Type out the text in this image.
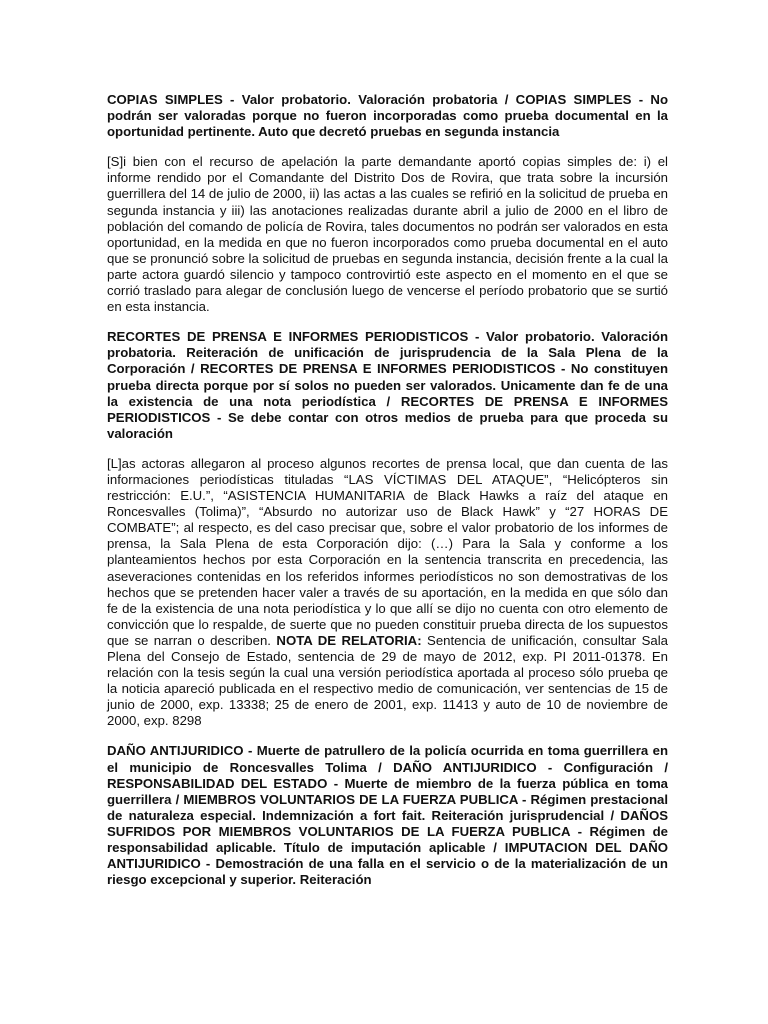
COPIAS SIMPLES - Valor probatorio. Valoración probatoria / COPIAS SIMPLES - No podrán ser valoradas porque no fueron incorporadas como prueba documental en la oportunidad pertinente. Auto que decretó pruebas en segunda instancia

[S]i bien con el recurso de apelación la parte demandante aportó copias simples de: i) el informe rendido por el Comandante del Distrito Dos de Rovira, que trata sobre la incursión guerrillera del 14 de julio de 2000, ii) las actas a las cuales se refirió en la solicitud de prueba en segunda instancia y iii) las anotaciones realizadas durante abril a julio de 2000 en el libro de población del comando de policía de Rovira, tales documentos no podrán ser valorados en esta oportunidad, en la medida en que no fueron incorporados como prueba documental en el auto que se pronunció sobre la solicitud de pruebas en segunda instancia, decisión frente a la cual la parte actora guardó silencio y tampoco controvirtió este aspecto en el momento en el que se corrió traslado para alegar de conclusión luego de vencerse el período probatorio que se surtió en esta instancia.

RECORTES DE PRENSA E INFORMES PERIODISTICOS - Valor probatorio. Valoración probatoria. Reiteración de unificación de jurisprudencia de la Sala Plena de la Corporación / RECORTES DE PRENSA E INFORMES PERIODISTICOS - No constituyen prueba directa porque por sí solos no pueden ser valorados. Unicamente dan fe de una la existencia de una nota periodística / RECORTES DE PRENSA E INFORMES PERIODISTICOS - Se debe contar con otros medios de prueba para que proceda su valoración

[L]as actoras allegaron al proceso algunos recortes de prensa local, que dan cuenta de las informaciones periodísticas tituladas “LAS VÍCTIMAS DEL ATAQUE”, “Helicópteros sin restricción: E.U.”, “ASISTENCIA HUMANITARIA de Black Hawks a raíz del ataque en Roncesvalles (Tolima)”, “Absurdo no autorizar uso de Black Hawk” y “27 HORAS DE COMBATE”; al respecto, es del caso precisar que, sobre el valor probatorio de los informes de prensa, la Sala Plena de esta Corporación dijo: (…) Para la Sala y conforme a los planteamientos hechos por esta Corporación en la sentencia transcrita en precedencia, las aseveraciones contenidas en los referidos informes periodísticos no son demostrativas de los hechos que se pretenden hacer valer a través de su aportación, en la medida en que sólo dan fe de la existencia de una nota periodística y lo que allí se dijo no cuenta con otro elemento de convicción que lo respalde, de suerte que no pueden constituir prueba directa de los supuestos que se narran o describen. NOTA DE RELATORIA: Sentencia de unificación, consultar Sala Plena del Consejo de Estado, sentencia de 29 de mayo de 2012, exp. PI 2011-01378. En relación con la tesis según la cual una versión periodística aportada al proceso sólo prueba qe la noticia apareció publicada en el respectivo medio de comunicación, ver sentencias de 15 de junio de 2000, exp. 13338; 25 de enero de 2001, exp. 11413 y auto de 10 de noviembre de 2000, exp. 8298

DAÑO ANTIJURIDICO - Muerte de patrullero de la policía ocurrida en toma guerrillera en el municipio de Roncesvalles Tolima / DAÑO ANTIJURIDICO - Configuración / RESPONSABILIDAD DEL ESTADO - Muerte de miembro de la fuerza pública en toma guerrillera / MIEMBROS VOLUNTARIOS DE LA FUERZA PUBLICA - Régimen prestacional de naturaleza especial. Indemnización a fort fait. Reiteración jurisprudencial / DAÑOS SUFRIDOS POR MIEMBROS VOLUNTARIOS DE LA FUERZA PUBLICA - Régimen de responsabilidad aplicable. Título de imputación aplicable / IMPUTACION DEL DAÑO ANTIJURIDICO - Demostración de una falla en el servicio o de la materialización de un riesgo excepcional y superior. Reiteración
